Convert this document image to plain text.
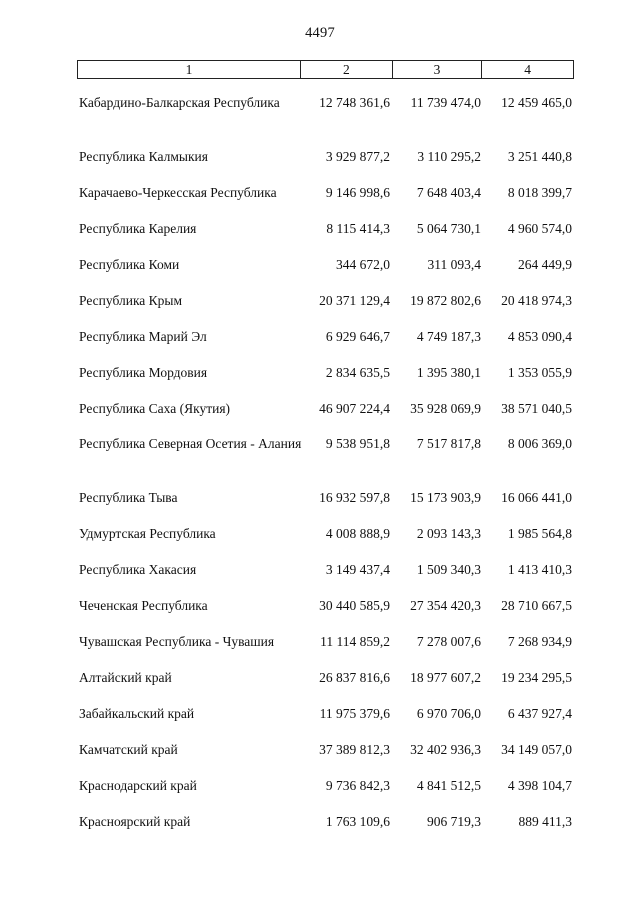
4497
1	2	3	4
Кабардино-Балкарская Республика	12 748 361,6	11 739 474,0	12 459 465,0
Республика Калмыкия	3 929 877,2	3 110 295,2	3 251 440,8
Карачаево-Черкесская Республика	9 146 998,6	7 648 403,4	8 018 399,7
Республика Карелия	8 115 414,3	5 064 730,1	4 960 574,0
Республика Коми	344 672,0	311 093,4	264 449,9
Республика Крым	20 371 129,4	19 872 802,6	20 418 974,3
Республика Марий Эл	6 929 646,7	4 749 187,3	4 853 090,4
Республика Мордовия	2 834 635,5	1 395 380,1	1 353 055,9
Республика Саха (Якутия)	46 907 224,4	35 928 069,9	38 571 040,5
Республика Северная Осетия - Алания	9 538 951,8	7 517 817,8	8 006 369,0
Республика Тыва	16 932 597,8	15 173 903,9	16 066 441,0
Удмуртская Республика	4 008 888,9	2 093 143,3	1 985 564,8
Республика Хакасия	3 149 437,4	1 509 340,3	1 413 410,3
Чеченская Республика	30 440 585,9	27 354 420,3	28 710 667,5
Чувашская Республика - Чувашия	11 114 859,2	7 278 007,6	7 268 934,9
Алтайский край	26 837 816,6	18 977 607,2	19 234 295,5
Забайкальский край	11 975 379,6	6 970 706,0	6 437 927,4
Камчатский край	37 389 812,3	32 402 936,3	34 149 057,0
Краснодарский край	9 736 842,3	4 841 512,5	4 398 104,7
Красноярский край	1 763 109,6	906 719,3	889 411,3
